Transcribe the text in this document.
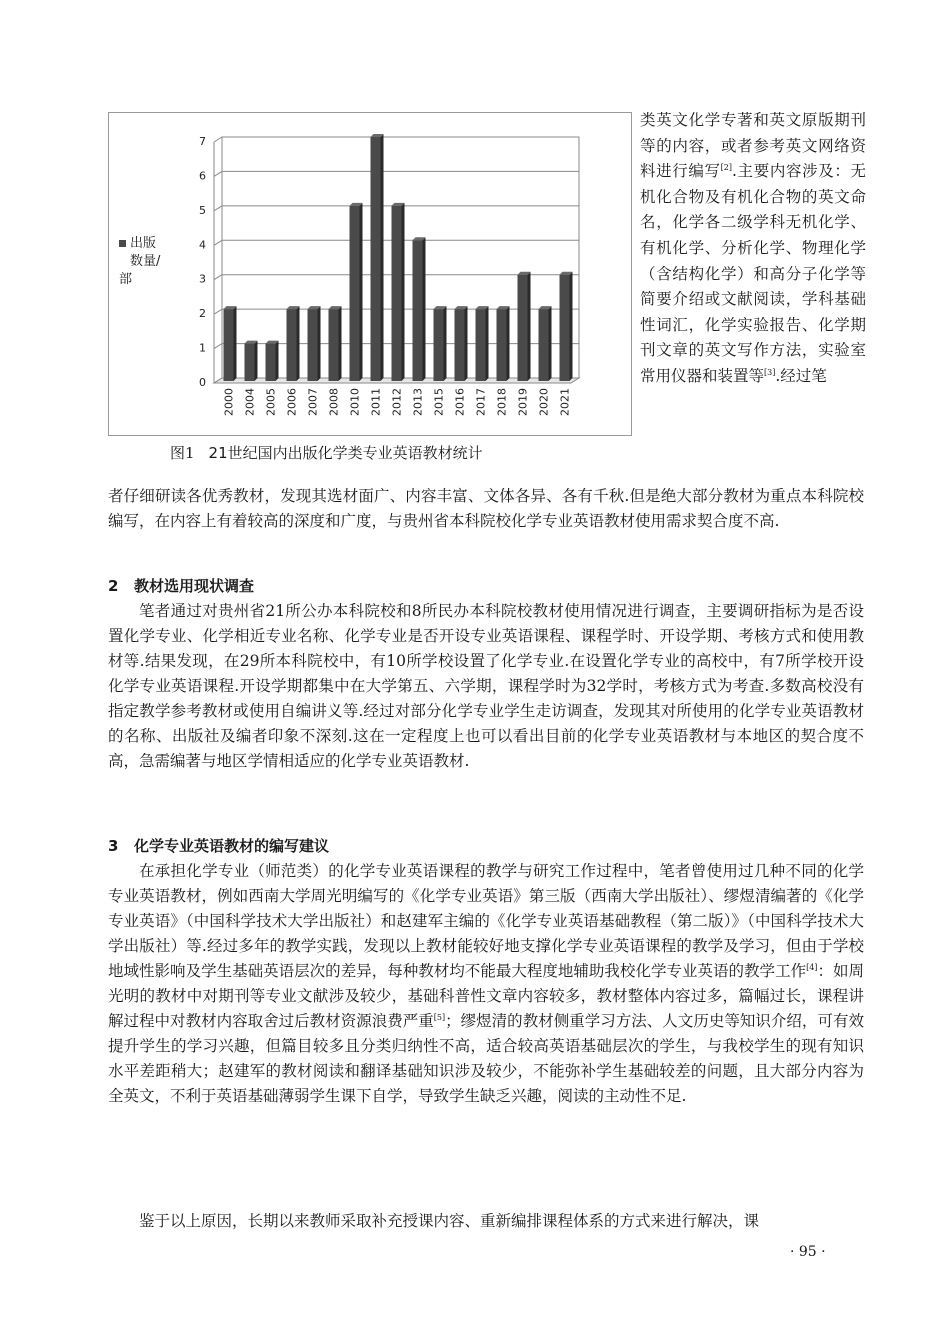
0
1
2
3
4
5
6
7
2000 2004 2005 2006 2007 2008 2010 2011 2012 2013 2015 2016 2017 2018 2019 2020 2021
出版
数量/
部

图1 21世纪国内出版化学类专业英语教材统计

类英文化学专著和英文原版期刊等的内容，或者参考英文网络资料进行编写[2].主要内容涉及：无机化合物及有机化合物的英文命名，化学各二级学科无机化学、有机化学、分析化学、物理化学（含结构化学）和高分子化学等简要介绍或文献阅读，学科基础性词汇，化学实验报告、化学期刊文章的英文写作方法，实验室常用仪器和装置等[3].经过笔

者仔细研读各优秀教材，发现其选材面广、内容丰富、文体各异、各有千秋.但是绝大部分教材为重点本科院校编写，在内容上有着较高的深度和广度，与贵州省本科院校化学专业英语教材使用需求契合度不高.

2 教材选用现状调查

笔者通过对贵州省21所公办本科院校和8所民办本科院校教材使用情况进行调查，主要调研指标为是否设置化学专业、化学相近专业名称、化学专业是否开设专业英语课程、课程学时、开设学期、考核方式和使用教材等.结果发现，在29所本科院校中，有10所学校设置了化学专业.在设置化学专业的高校中，有7所学校开设化学专业英语课程.开设学期都集中在大学第五、六学期，课程学时为32学时，考核方式为考查.多数高校没有指定教学参考教材或使用自编讲义等.经过对部分化学专业学生走访调查，发现其对所使用的化学专业英语教材的名称、出版社及编者印象不深刻.这在一定程度上也可以看出目前的化学专业英语教材与本地区的契合度不高，急需编著与地区学情相适应的化学专业英语教材.

3 化学专业英语教材的编写建议

在承担化学专业（师范类）的化学专业英语课程的教学与研究工作过程中，笔者曾使用过几种不同的化学专业英语教材，例如西南大学周光明编写的《化学专业英语》第三版（西南大学出版社）、缪煜清编著的《化学专业英语》（中国科学技术大学出版社）和赵建军主编的《化学专业英语基础教程（第二版）》（中国科学技术大学出版社）等.经过多年的教学实践，发现以上教材能较好地支撑化学专业英语课程的教学及学习，但由于学校地域性影响及学生基础英语层次的差异，每种教材均不能最大程度地辅助我校化学专业英语的教学工作[4]：如周光明的教材中对期刊等专业文献涉及较少，基础科普性文章内容较多，教材整体内容过多，篇幅过长，课程讲解过程中对教材内容取舍过后教材资源浪费严重[5]；缪煜清的教材侧重学习方法、人文历史等知识介绍，可有效提升学生的学习兴趣，但篇目较多且分类归纳性不高，适合较高英语基础层次的学生，与我校学生的现有知识水平差距稍大；赵建军的教材阅读和翻译基础知识涉及较少，不能弥补学生基础较差的问题，且大部分内容为全英文，不利于英语基础薄弱学生课下自学，导致学生缺乏兴趣，阅读的主动性不足.

鉴于以上原因，长期以来教师采取补充授课内容、重新编排课程体系的方式来进行解决，课

· 95 ·
